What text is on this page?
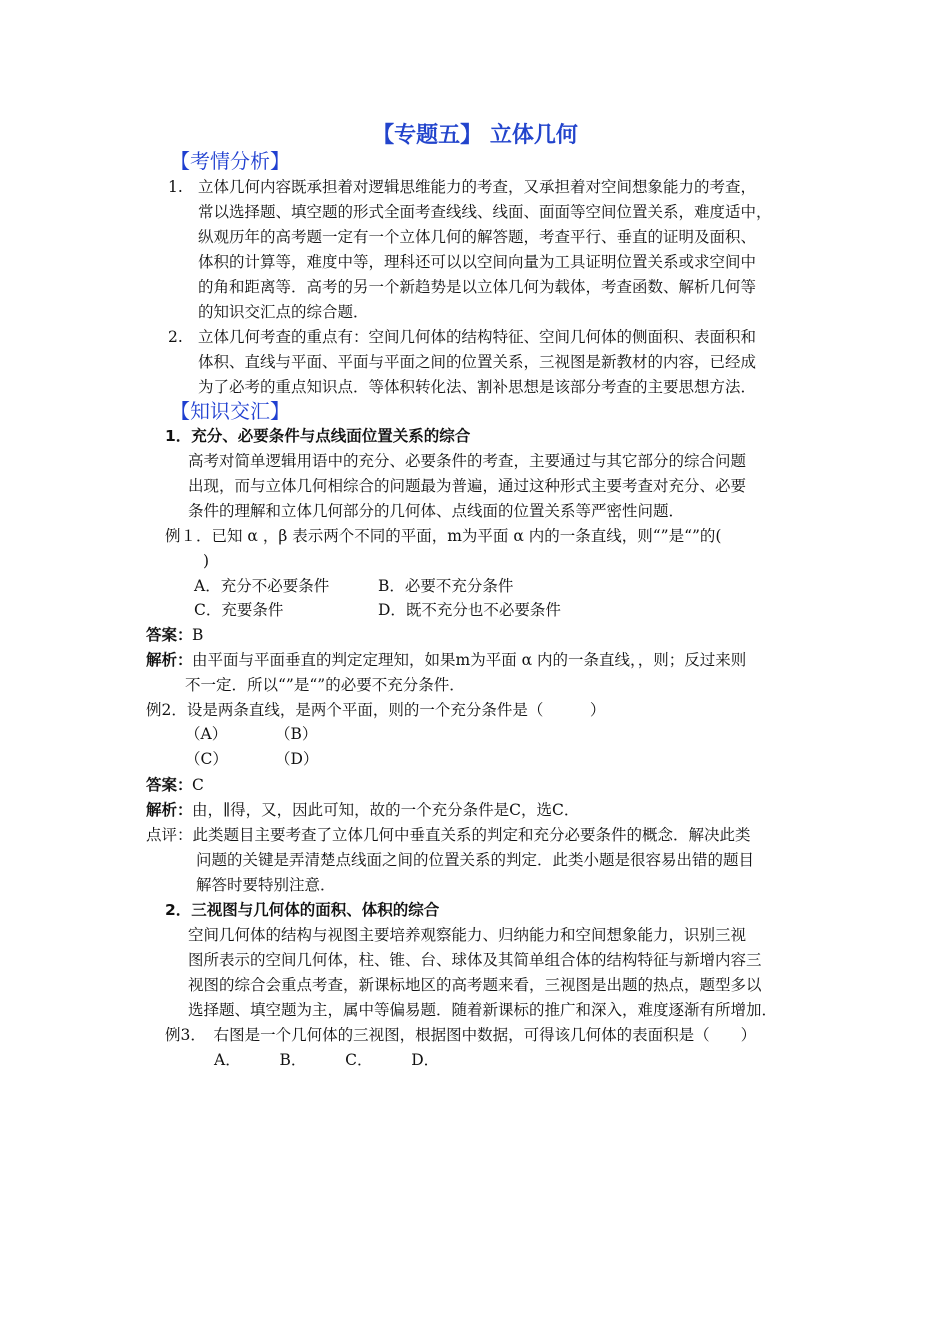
【专题五】 立体几何
【考情分析】
1. 立体几何内容既承担着对逻辑思维能力的考查，又承担着对空间想象能力的考查，
常以选择题、填空题的形式全面考查线线、线面、面面等空间位置关系，难度适中，
纵观历年的高考题一定有一个立体几何的解答题，考查平行、垂直的证明及面积、
体积的计算等，难度中等，理科还可以以空间向量为工具证明位置关系或求空间中
的角和距离等．高考的另一个新趋势是以立体几何为载体，考查函数、解析几何等
的知识交汇点的综合题．
2. 立体几何考查的重点有：空间几何体的结构特征、空间几何体的侧面积、表面积和
体积、直线与平面、平面与平面之间的位置关系，三视图是新教材的内容，已经成
为了必考的重点知识点．等体积转化法、割补思想是该部分考查的主要思想方法．
【知识交汇】
1．充分、必要条件与点线面位置关系的综合
高考对简单逻辑用语中的充分、必要条件的考查，主要通过与其它部分的综合问题
出现，而与立体几何相综合的问题最为普遍，通过这种形式主要考查对充分、必要
条件的理解和立体几何部分的几何体、点线面的位置关系等严密性问题．
例１．已知 α ，β 表示两个不同的平面，m为平面 α 内的一条直线，则“”是“”的(
)
A．充分不必要条件	B．必要不充分条件
C．充要条件	D．既不充分也不必要条件
答案： B
解析： 由平面与平面垂直的判定定理知，如果m为平面 α 内的一条直线，，则；反过来则
不一定．所以“”是“”的必要不充分条件．
例2．设是两条直线，是两个平面，则的一个充分条件是（　　　）
（A）	（B）
（C）	（D）
答案： C
解析： 由，∥得，又，因此可知，故的一个充分条件是C，选C．
点评：此类题目主要考查了立体几何中垂直关系的判定和充分必要条件的概念．解决此类
问题的关键是弄清楚点线面之间的位置关系的判定．此类小题是很容易出错的题目
解答时要特别注意．
2．三视图与几何体的面积、体积的综合
空间几何体的结构与视图主要培养观察能力、归纳能力和空间想象能力，识别三视
图所表示的空间几何体，柱、锥、台、球体及其简单组合体的结构特征与新增内容三
视图的综合会重点考查，新课标地区的高考题来看，三视图是出题的热点，题型多以
选择题、填空题为主，属中等偏易题．随着新课标的推广和深入，难度逐渐有所增加．
例3．　右图是一个几何体的三视图，根据图中数据，可得该几何体的表面积是（　　）
A．　　　B．　　　C．　　　D．
